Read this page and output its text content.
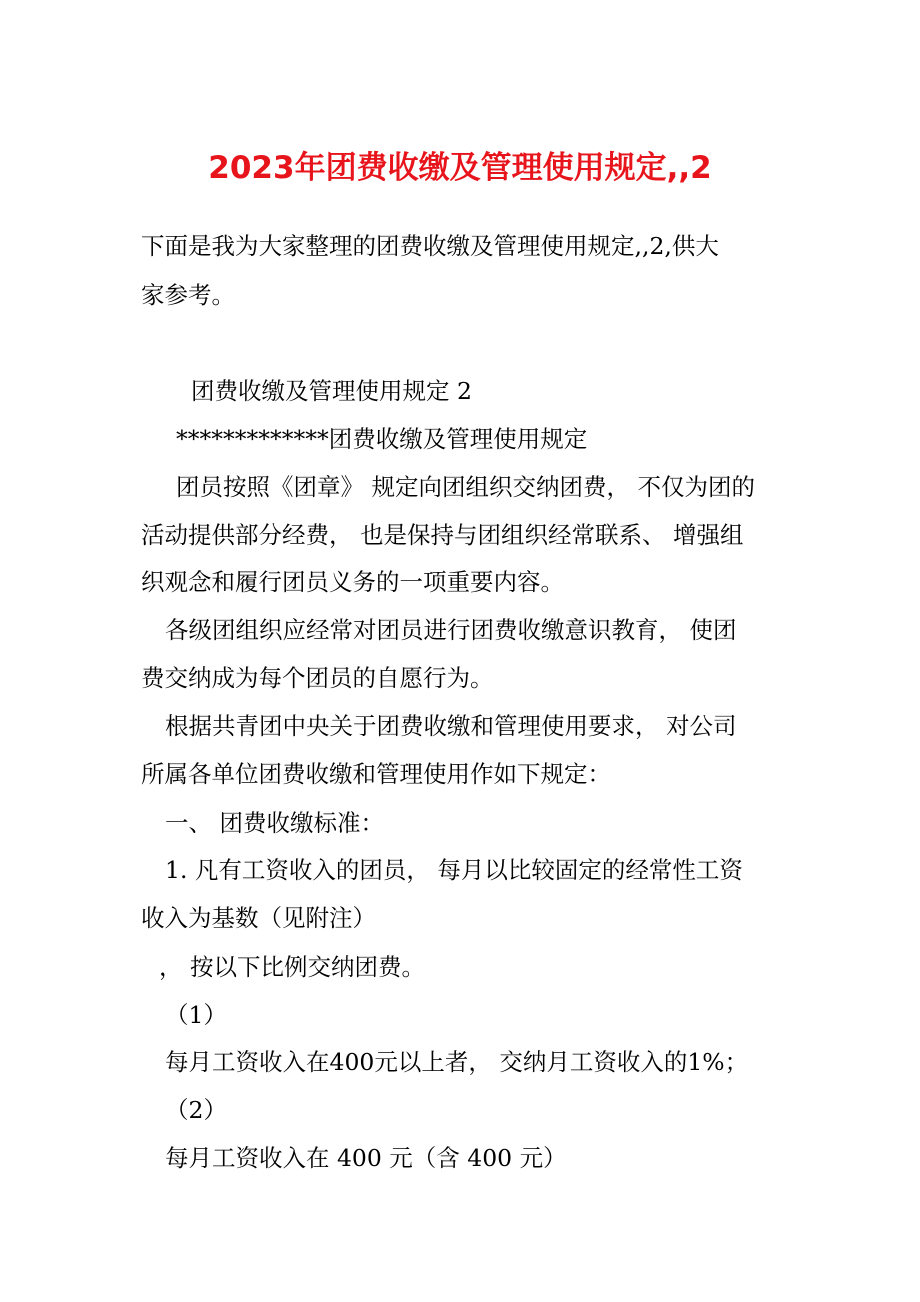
2023年团费收缴及管理使用规定,,2
下面是我为大家整理的团费收缴及管理使用规定,,2,供大
家参考。
团费收缴及管理使用规定 2
*************团费收缴及管理使用规定
团员按照《团章》 规定向团组织交纳团费， 不仅为团的
活动提供部分经费， 也是保持与团组织经常联系、 增强组
织观念和履行团员义务的一项重要内容。
各级团组织应经常对团员进行团费收缴意识教育， 使团
费交纳成为每个团员的自愿行为。
根据共青团中央关于团费收缴和管理使用要求， 对公司
所属各单位团费收缴和管理使用作如下规定：
一、 团费收缴标准：
1. 凡有工资收入的团员， 每月以比较固定的经常性工资
收入为基数（见附注）
， 按以下比例交纳团费。
（1）
每月工资收入在400元以上者， 交纳月工资收入的1%；
（2）
每月工资收入在 400 元（含 400 元）
